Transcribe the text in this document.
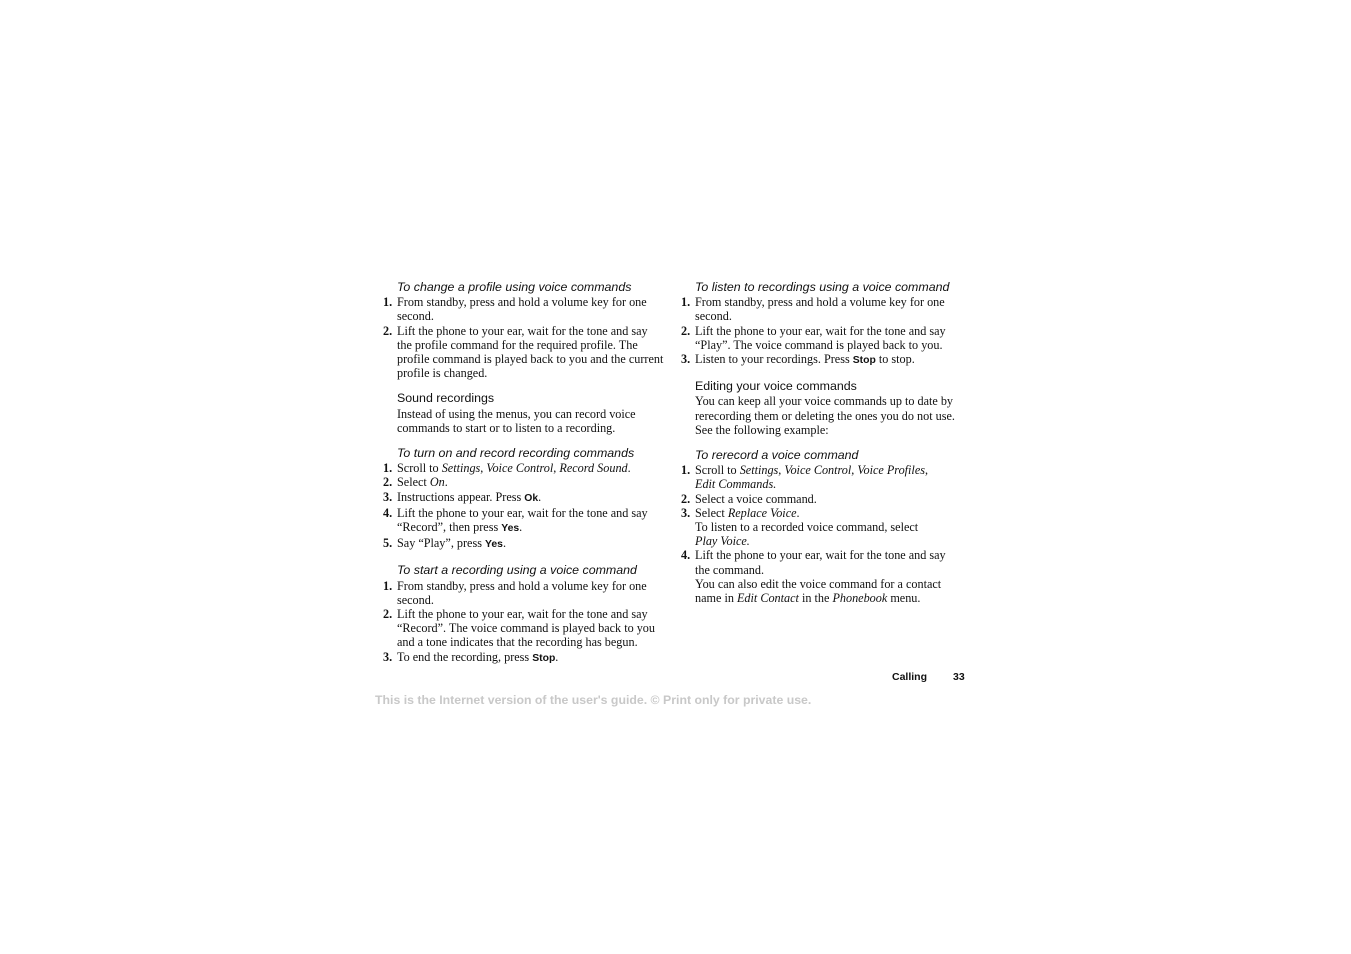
To change a profile using voice commands
1. From standby, press and hold a volume key for one second.
2. Lift the phone to your ear, wait for the tone and say the profile command for the required profile. The profile command is played back to you and the current profile is changed.
Sound recordings
Instead of using the menus, you can record voice commands to start or to listen to a recording.
To turn on and record recording commands
1. Scroll to Settings, Voice Control, Record Sound.
2. Select On.
3. Instructions appear. Press Ok.
4. Lift the phone to your ear, wait for the tone and say “Record”, then press Yes.
5. Say “Play”, press Yes.
To start a recording using a voice command
1. From standby, press and hold a volume key for one second.
2. Lift the phone to your ear, wait for the tone and say “Record”. The voice command is played back to you and a tone indicates that the recording has begun.
3. To end the recording, press Stop.
To listen to recordings using a voice command
1. From standby, press and hold a volume key for one second.
2. Lift the phone to your ear, wait for the tone and say “Play”. The voice command is played back to you.
3. Listen to your recordings. Press Stop to stop.
Editing your voice commands
You can keep all your voice commands up to date by rerecording them or deleting the ones you do not use. See the following example:
To rerecord a voice command
1. Scroll to Settings, Voice Control, Voice Profiles,
Edit Commands.
2. Select a voice command.
3. Select Replace Voice.
To listen to a recorded voice command, select
Play Voice.
4. Lift the phone to your ear, wait for the tone and say the command.
You can also edit the voice command for a contact name in Edit Contact in the Phonebook menu.
Calling 33
This is the Internet version of the user's guide. © Print only for private use.
